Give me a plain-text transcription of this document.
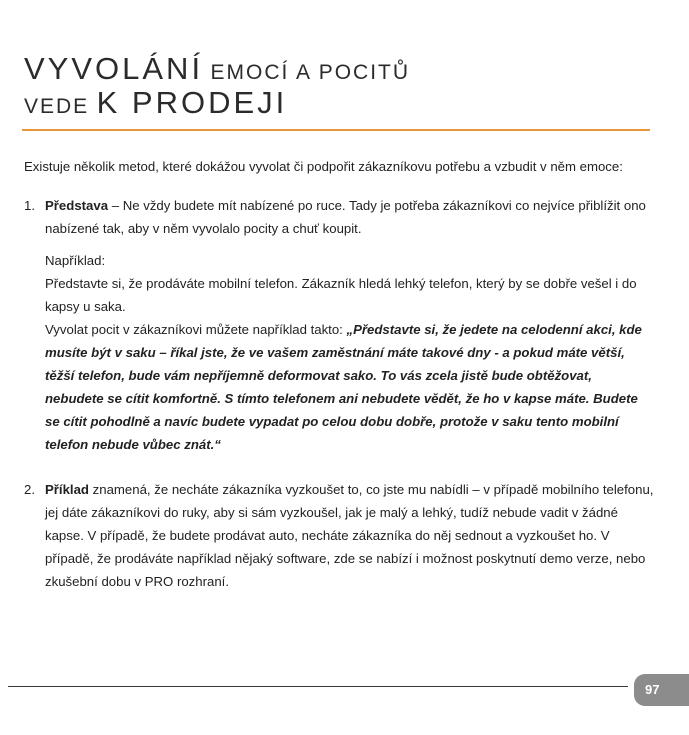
VYVOLÁNÍ EMOCÍ A POCITŮ
VEDE K PRODEJI

Existuje několik metod, které dokážou vyvolat či podpořit zákazníkovu potřebu a vzbudit v něm emoce:

1. Představa – Ne vždy budete mít nabízené po ruce. Tady je potřeba zákazníkovi co nejvíce přiblížit ono nabízené tak, aby v něm vyvolalo pocity a chuť koupit.

Například:

Představte si, že prodáváte mobilní telefon. Zákazník hledá lehký telefon, který by se dobře vešel i do kapsy u saka.

Vyvolat pocit v zákazníkovi můžete například takto: „Představte si, že jedete na celodenní akci, kde musíte být v saku – říkal jste, že ve vašem zaměstnání máte takové dny - a pokud máte větší, těžší telefon, bude vám nepříjemně deformovat sako. To vás zcela jistě bude obtěžovat, nebudete se cítit komfortně. S tímto telefonem ani nebudete vědět, že ho v kapse máte. Budete se cítit pohodlně a navíc budete vypadat po celou dobu dobře, protože v saku tento mobilní telefon nebude vůbec znát.“

2. Příklad znamená, že necháte zákazníka vyzkoušet to, co jste mu nabídli – v případě mobilního telefonu, jej dáte zákazníkovi do ruky, aby si sám vyzkoušel, jak je malý a lehký, tudíž nebude vadit v žádné kapse. V případě, že budete prodávat auto, necháte zákazníka do něj sednout a vyzkoušet ho. V případě, že prodáváte například nějaký software, zde se nabízí i možnost poskytnutí demo verze, nebo zkušební dobu v PRO rozhraní.

97
